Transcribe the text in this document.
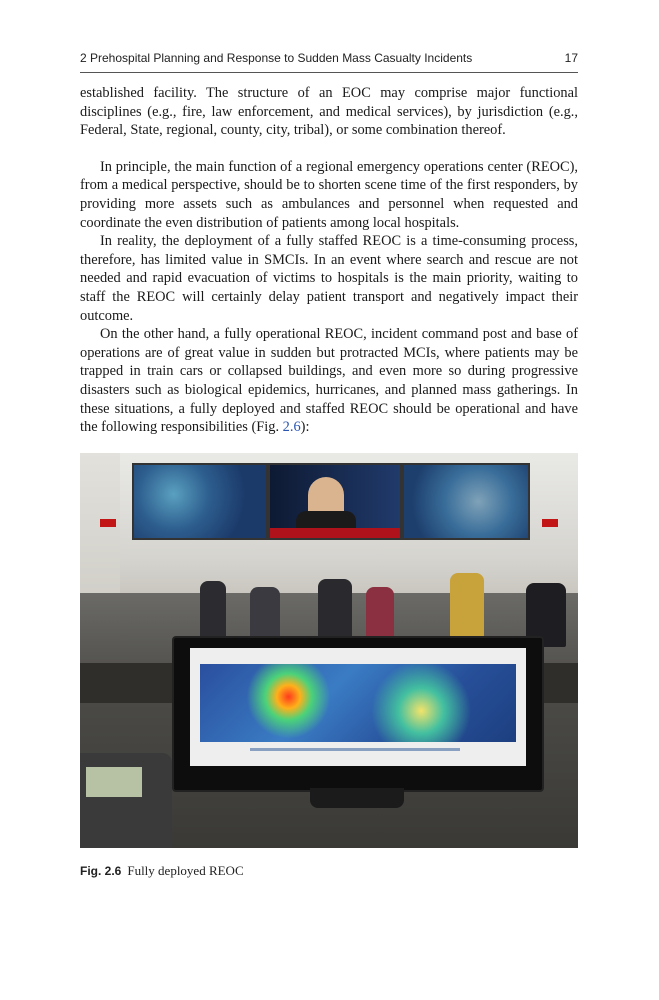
2 Prehospital Planning and Response to Sudden Mass Casualty Incidents	17

established facility. The structure of an EOC may comprise major functional disciplines (e.g., fire, law enforcement, and medical services), by jurisdiction (e.g., Federal, State, regional, county, city, tribal), or some combination thereof.

In principle, the main function of a regional emergency operations center (REOC), from a medical perspective, should be to shorten scene time of the first responders, by providing more assets such as ambulances and personnel when requested and coordinate the even distribution of patients among local hospitals.

In reality, the deployment of a fully staffed REOC is a time-consuming process, therefore, has limited value in SMCIs. In an event where search and rescue are not needed and rapid evacuation of victims to hospitals is the main priority, waiting to staff the REOC will certainly delay patient transport and negatively impact their outcome.

On the other hand, a fully operational REOC, incident command post and base of operations are of great value in sudden but protracted MCIs, where patients may be trapped in train cars or collapsed buildings, and even more so during progressive disasters such as biological epidemics, hurricanes, and planned mass gatherings. In these situations, a fully deployed and staffed REOC should be operational and have the following responsibilities (Fig. 2.6):

Fig. 2.6 Fully deployed REOC
